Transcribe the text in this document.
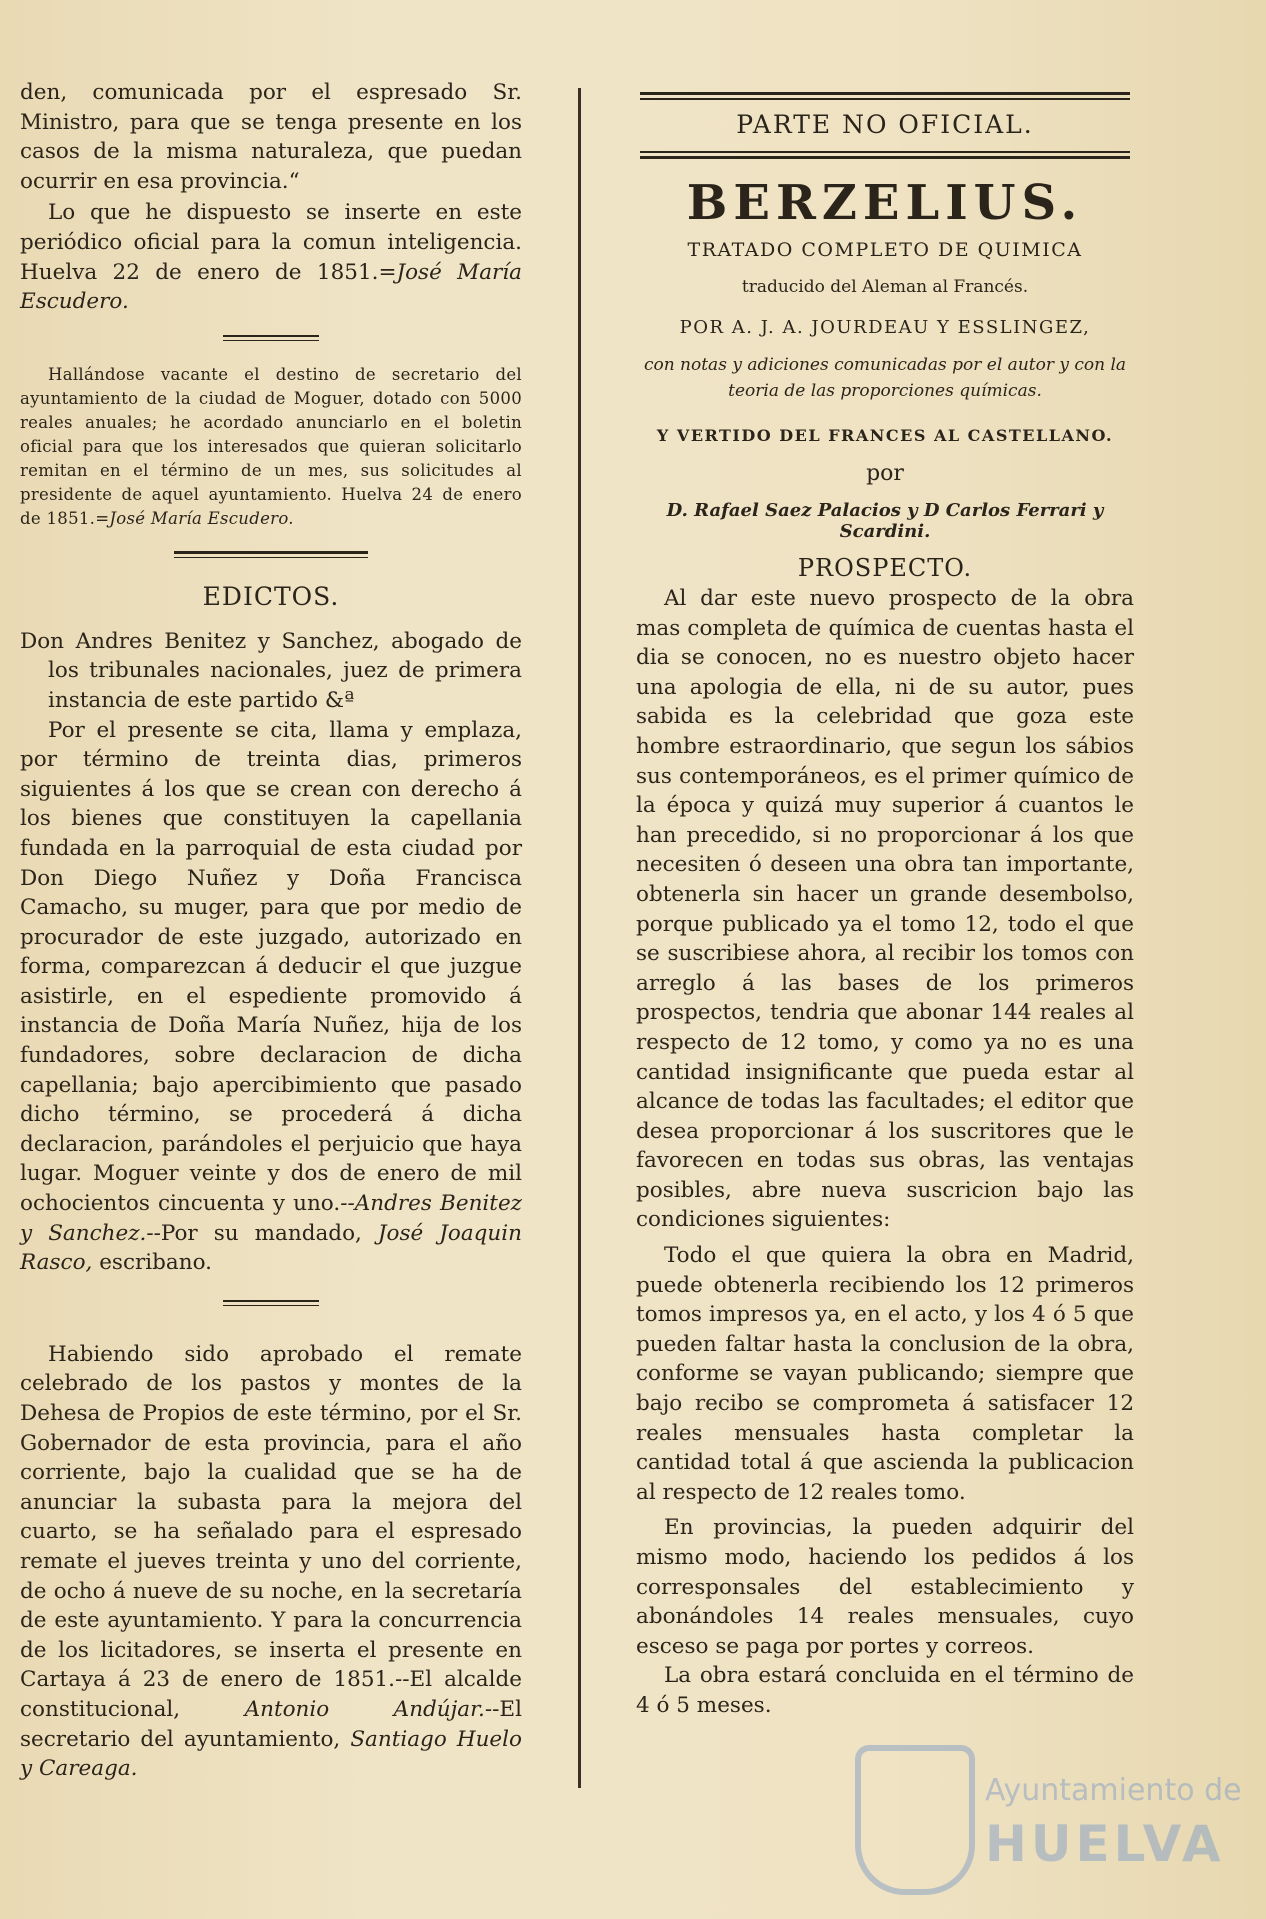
den, comunicada por el espresado Sr. Ministro, para que se tenga presente en los casos de la misma naturaleza, que puedan ocurrir en esa provincia.“

Lo que he dispuesto se inserte en este periódico oficial para la comun inteligencia. Huelva 22 de enero de 1851.=José María Escudero.

Hallándose vacante el destino de secretario del ayuntamiento de la ciudad de Moguer, dotado con 5000 reales anuales; he acordado anunciarlo en el boletin oficial para que los interesados que quieran solicitarlo remitan en el término de un mes, sus solicitudes al presidente de aquel ayuntamiento. Huelva 24 de enero de 1851.=José María Escudero.

EDICTOS.

Don Andres Benitez y Sanchez, abogado de los tribunales nacionales, juez de primera instancia de este partido &ª

Por el presente se cita, llama y emplaza, por término de treinta dias, primeros siguientes á los que se crean con derecho á los bienes que constituyen la capellania fundada en la parroquial de esta ciudad por Don Diego Nuñez y Doña Francisca Camacho, su muger, para que por medio de procurador de este juzgado, autorizado en forma, comparezcan á deducir el que juzgue asistirle, en el espediente promovido á instancia de Doña María Nuñez, hija de los fundadores, sobre declaracion de dicha capellania; bajo apercibimiento que pasado dicho término, se procederá á dicha declaracion, parándoles el perjuicio que haya lugar. Moguer veinte y dos de enero de mil ochocientos cincuenta y uno.--Andres Benitez y Sanchez.--Por su mandado, José Joaquin Rasco, escribano.

Habiendo sido aprobado el remate celebrado de los pastos y montes de la Dehesa de Propios de este término, por el Sr. Gobernador de esta provincia, para el año corriente, bajo la cualidad que se ha de anunciar la subasta para la mejora del cuarto, se ha señalado para el espresado remate el jueves treinta y uno del corriente, de ocho á nueve de su noche, en la secretaría de este ayuntamiento. Y para la concurrencia de los licitadores, se inserta el presente en Cartaya á 23 de enero de 1851.--El alcalde constitucional,	Antonio Andújar.--El secretario del ayuntamiento, Santiago Huelo y Careaga.

PARTE NO OFICIAL.

BERZELIUS.

TRATADO COMPLETO DE QUIMICA

traducido del Aleman al Francés.

POR A. J. A. JOURDEAU Y ESSLINGEZ,

con notas y adiciones comunicadas por el autor y con la teoria de las proporciones químicas.

Y VERTIDO DEL FRANCES AL CASTELLANO.

por

D. Rafael Saez Palacios y D Carlos Ferrari y Scardini.

PROSPECTO.

Al dar este nuevo prospecto de la obra mas completa de química de cuentas hasta el dia se conocen, no es nuestro objeto hacer una apologia de ella, ni de su autor, pues sabida es la celebridad que goza este hombre estraordinario, que segun los sábios sus contemporáneos, es el primer químico de la época y quizá muy superior á cuantos le han precedido, si no proporcionar á los que necesiten ó deseen una obra tan importante, obtenerla sin hacer un grande desembolso, porque publicado ya el tomo 12, todo el que se suscribiese ahora, al recibir los tomos con arreglo á las bases de los primeros prospectos, tendria que abonar 144 reales al respecto de 12 tomo, y como ya no es una cantidad insignificante que pueda estar al alcance de todas las facultades; el editor que desea proporcionar á los suscritores que le favorecen en todas sus obras, las ventajas posibles, abre nueva suscricion bajo las condiciones siguientes:

Todo el que quiera la obra en Madrid, puede obtenerla recibiendo los 12 primeros tomos impresos ya, en el acto, y los 4 ó 5 que pueden faltar hasta la conclusion de la obra, conforme se vayan publicando; siempre que bajo recibo se comprometa á satisfacer 12 reales mensuales hasta completar la cantidad total á que ascienda la publicacion al respecto de 12 reales tomo.

En provincias, la pueden adquirir del mismo modo, haciendo los pedidos á los corresponsales del establecimiento y abonándoles 14 reales mensuales, cuyo esceso se paga por portes y correos.

La obra estará concluida en el término de 4 ó 5 meses.

Ayuntamiento de
HUELVA
